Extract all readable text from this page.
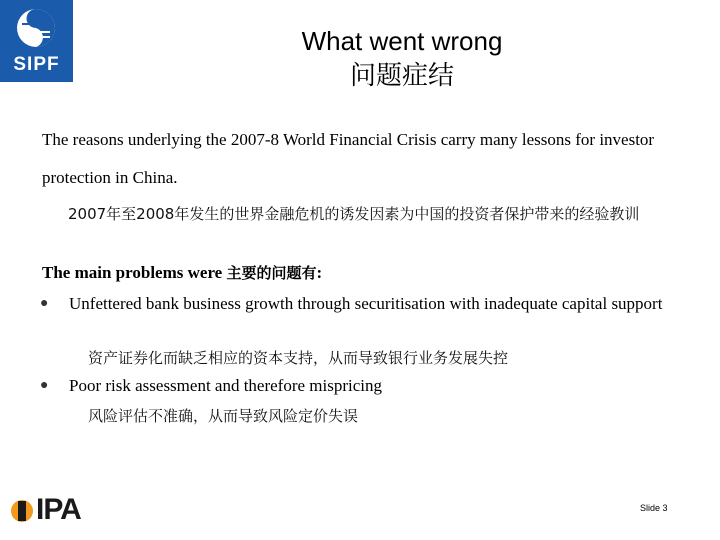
SIPF
What went wrong
问题症结
The reasons underlying the 2007-8 World Financial Crisis carry many lessons for investor protection in China.
2007年至2008年发生的世界金融危机的诱发因素为中国的投资者保护带来的经验教训
The main problems were 主要的问题有:
● Unfettered bank business growth through securitisation with inadequate capital support
资产证券化而缺乏相应的资本支持，从而导致银行业务发展失控
● Poor risk assessment and therefore mispricing
风险评估不准确，从而导致风险定价失误
IPA	Slide 3
